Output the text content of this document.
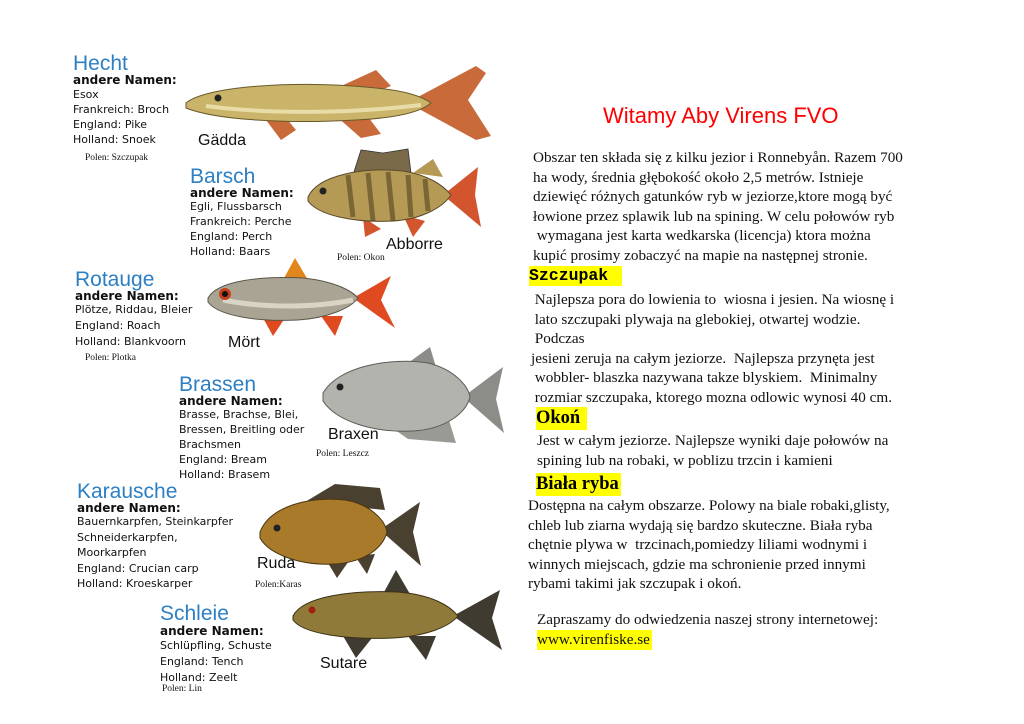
Hecht
andere Namen:
Esox
Frankreich: Broch
England: Pike
Holland: Snoek
Polen: Szczupak
Gädda
Barsch
andere Namen:
Egli, Flussbarsch
Frankreich: Perche
England: Perch
Holland: Baars	Abborre
Polen: Okon
Rotauge
andere Namen:
Plötze, Riddau, Bleier
England: Roach
Holland: Blankvoorn
Polen: Plotka
Mört
Brassen
andere Namen:
Brasse, Brachse, Blei,
Bressen, Breitling oder
Brachsmen
England: Bream
Holland: Brasem
Braxen
Polen: Leszcz
Karausche
andere Namen:
Bauernkarpfen, Steinkarpfer
Schneiderkarpfen,
Moorkarpfen
England: Crucian carp
Holland: Kroeskarper
Ruda
Polen:Karas
Schleie
andere Namen:
Schlüpfling, Schuste
England: Tench
Holland: Zeelt
Polen: Lin
Sutare
Witamy Aby Virens FVO
Obszar ten składa się z kilku jezior i Ronnebyån. Razem 700
ha wody, średnia głębokość około 2,5 metrów. Istnieje
dziewięć różnych gatunków ryb w jeziorze,ktore mogą być
łowione przez splawik lub na spining. W celu połowów ryb
wymagana jest karta wedkarska (licencja) ktora można
kupić prosimy zobaczyć na mapie na następnej stronie.
Szczupak
Najlepsza pora do lowienia to  wiosna i jesien. Na wiosnę i
lato szczupaki plywaja na glebokiej, otwartej wodzie.
Podczas
jesieni zeruja na całym jeziorze.  Najlepsza przynęta jest
wobbler- blaszka nazywana takze blyskiem.  Minimalny
rozmiar szczupaka, ktorego mozna odlowic wynosi 40 cm.
Okoń
Jest w całym jeziorze. Najlepsze wyniki daje połowów na
spining lub na robaki, w poblizu trzcin i kamieni
Biała ryba
Dostępna na całym obszarze. Polowy na biale robaki,glisty,
chleb lub ziarna wydają się bardzo skuteczne. Biała ryba
chętnie plywa w  trzcinach,pomiedzy liliami wodnymi i
winnych miejscach, gdzie ma schronienie przed innymi
rybami takimi jak szczupak i okoń.
Zapraszamy do odwiedzenia naszej strony internetowej:
www.virenfiske.se
